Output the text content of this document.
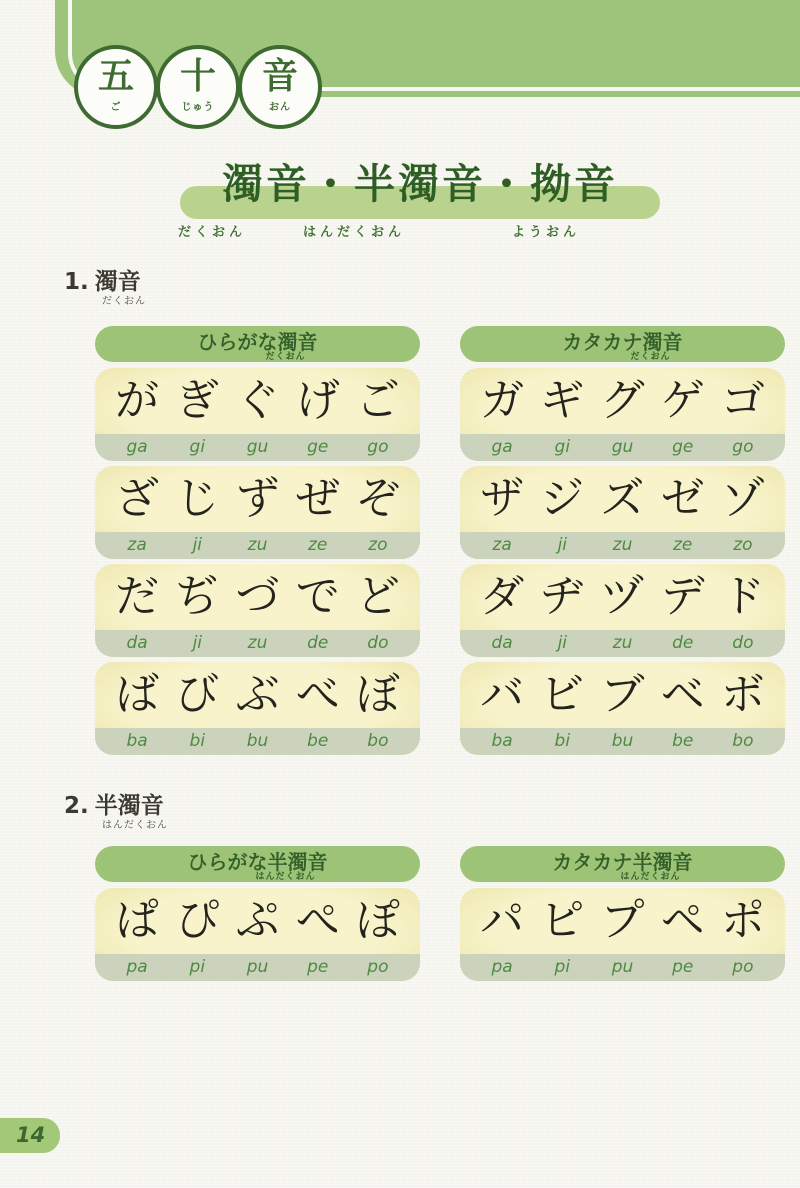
五
ご
十
じゅう
音
おん
濁音・半濁音・拗音
だくおん	はんだくおん	ようおん
1. 濁音
だくおん
ひらがな濁音
だくおん
が ぎ ぐ げ ご
ga	gi	gu	ge	go
ざ じ ず ぜ ぞ
za	ji	zu	ze	zo
だ ぢ づ で ど
da	ji	zu	de	do
ば び ぶ べ ぼ
ba	bi	bu	be	bo
カタカナ濁音
だくおん
ガ ギ グ ゲ ゴ
ga	gi	gu	ge	go
ザ ジ ズ ゼ ゾ
za	ji	zu	ze	zo
ダ ヂ ヅ デ ド
da	ji	zu	de	do
バ ビ ブ ベ ボ
ba	bi	bu	be	bo
2. 半濁音
はんだくおん
ひらがな半濁音
はんだくおん
ぱ ぴ ぷ ぺ ぽ
pa	pi	pu	pe	po
カタカナ半濁音
はんだくおん
パ ピ プ ペ ポ
pa	pi	pu	pe	po
14
